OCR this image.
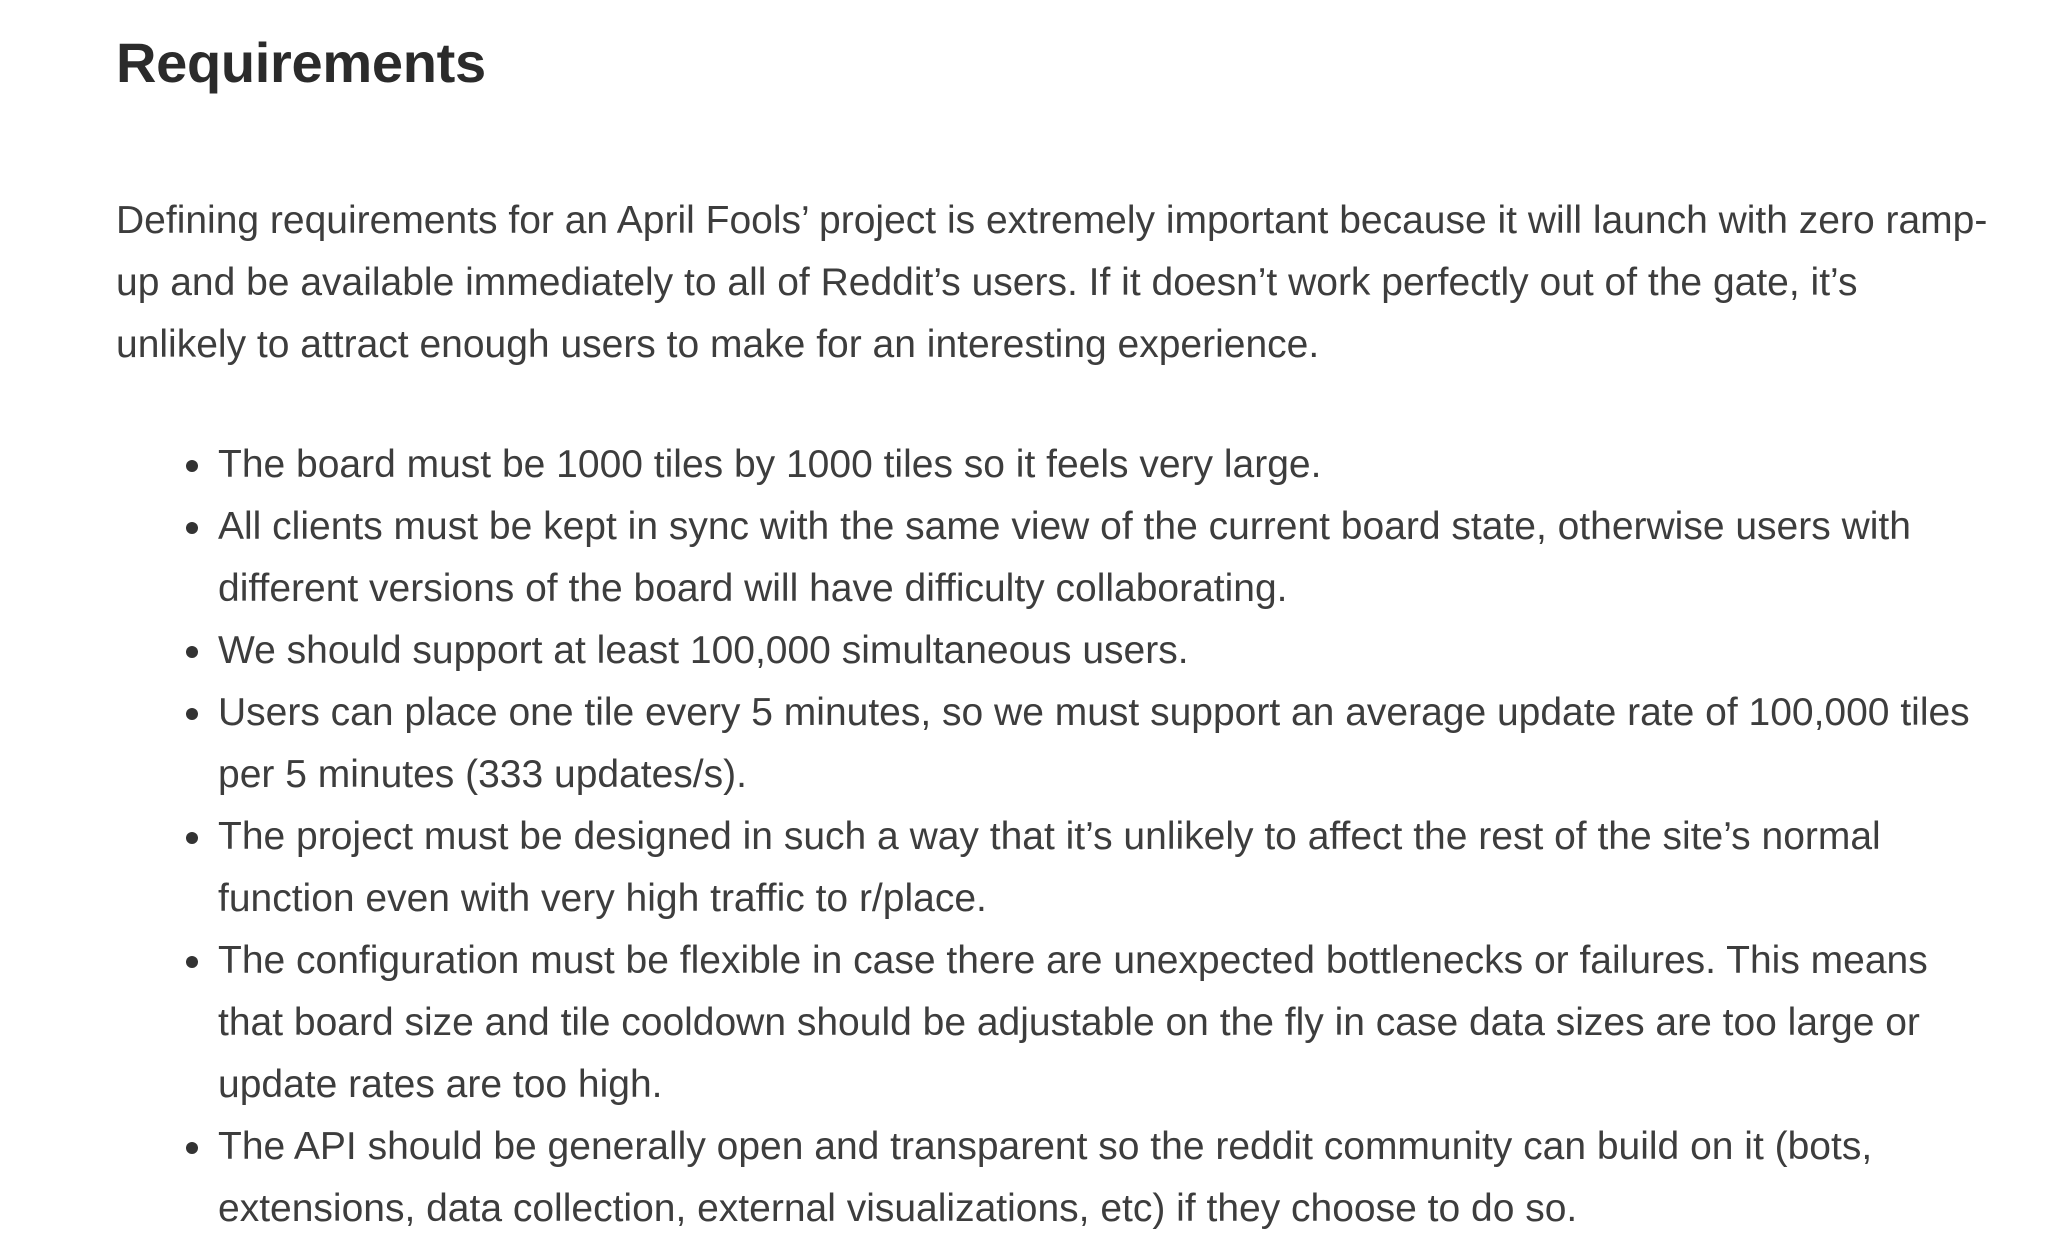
Requirements

Defining requirements for an April Fools’ project is extremely important because it will launch with zero ramp-up and be available immediately to all of Reddit’s users. If it doesn’t work perfectly out of the gate, it’s unlikely to attract enough users to make for an interesting experience.

The board must be 1000 tiles by 1000 tiles so it feels very large.
All clients must be kept in sync with the same view of the current board state, otherwise users with different versions of the board will have difficulty collaborating.
We should support at least 100,000 simultaneous users.
Users can place one tile every 5 minutes, so we must support an average update rate of 100,000 tiles per 5 minutes (333 updates/s).
The project must be designed in such a way that it’s unlikely to affect the rest of the site’s normal function even with very high traffic to r/place.
The configuration must be flexible in case there are unexpected bottlenecks or failures. This means that board size and tile cooldown should be adjustable on the fly in case data sizes are too large or update rates are too high.
The API should be generally open and transparent so the reddit community can build on it (bots, extensions, data collection, external visualizations, etc) if they choose to do so.
